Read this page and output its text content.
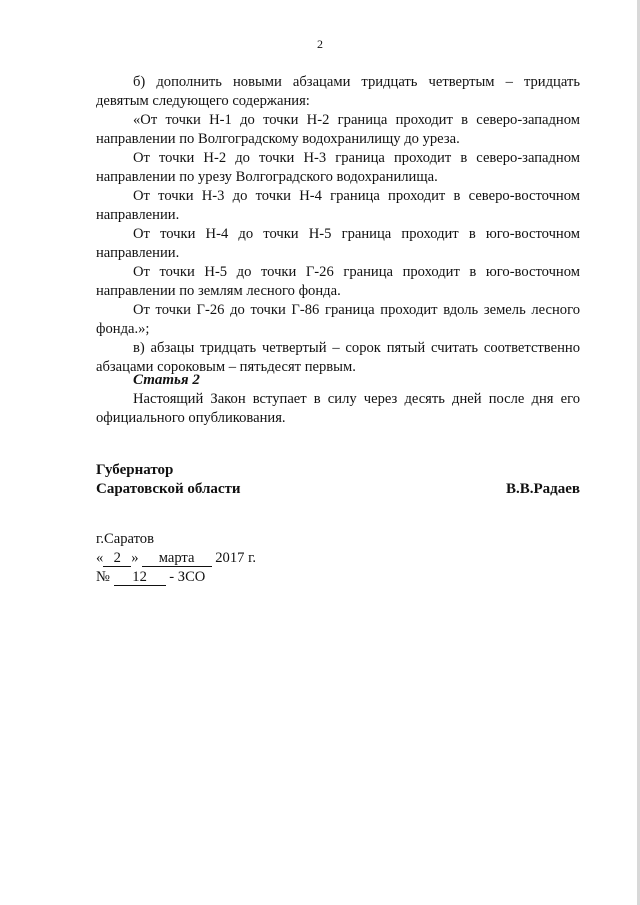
2

б) дополнить новыми абзацами тридцать четвертым – тридцать девятым следующего содержания:

«От точки Н-1 до точки Н-2 граница проходит в северо-западном направлении по Волгоградскому водохранилищу до уреза.

От точки Н-2 до точки Н-3 граница проходит в северо-западном направлении по урезу Волгоградского водохранилища.

От точки Н-3 до точки Н-4 граница проходит в северо-восточном направлении.

От точки Н-4 до точки Н-5 граница проходит в юго-восточном направлении.

От точки Н-5 до точки Г-26 граница проходит в юго-восточном направлении по землям лесного фонда.

От точки Г-26 до точки Г-86 граница проходит вдоль земель лесного фонда.»;

в) абзацы тридцать четвертый – сорок пятый считать соответственно абзацами сороковым – пятьдесят первым.

Статья 2

Настоящий Закон вступает в силу через десять дней после дня его официального опубликования.

Губернатор
Саратовской области	В.В.Радаев
г.Саратов
« 2 » марта 2017 г.
№ 12 - ЗСО
